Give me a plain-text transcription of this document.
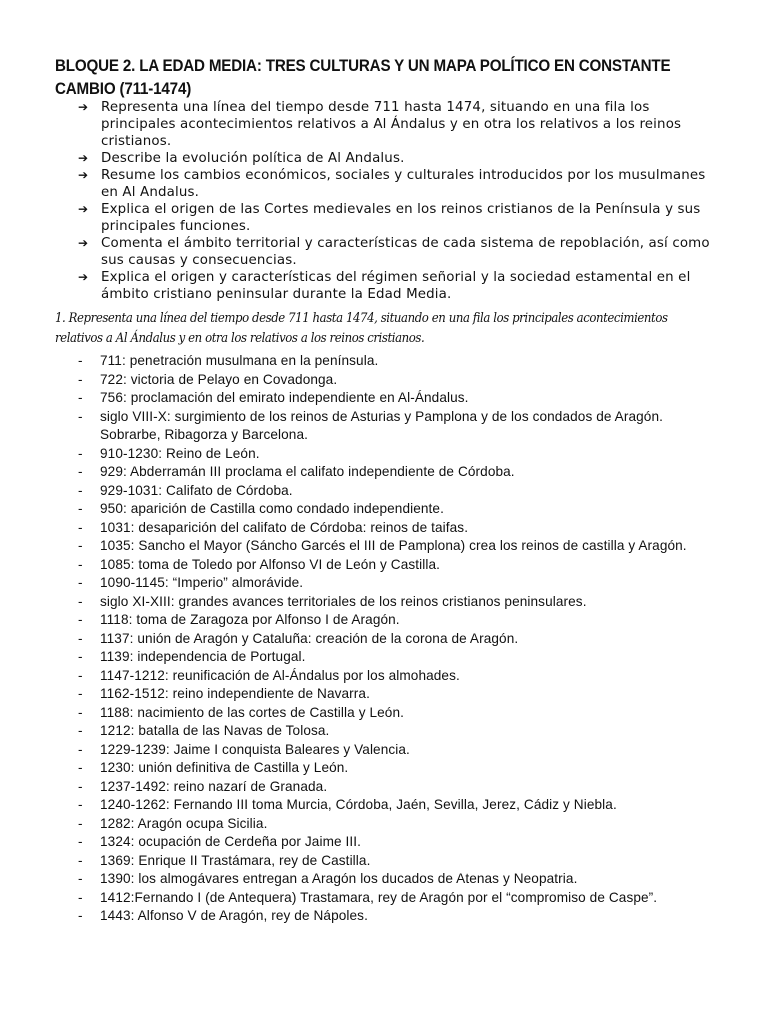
BLOQUE 2. LA EDAD MEDIA: TRES CULTURAS Y UN MAPA POLÍTICO EN CONSTANTE CAMBIO (711-1474)
➔ Representa una línea del tiempo desde 711 hasta 1474, situando en una fila los principales acontecimientos relativos a Al Ándalus y en otra los relativos a los reinos cristianos.
➔ Describe la evolución política de Al Andalus.
➔ Resume los cambios económicos, sociales y culturales introducidos por los musulmanes en Al Andalus.
➔ Explica el origen de las Cortes medievales en los reinos cristianos de la Península y sus principales funciones.
➔ Comenta el ámbito territorial y características de cada sistema de repoblación, así como sus causas y consecuencias.
➔ Explica el origen y características del régimen señorial y la sociedad estamental en el ámbito cristiano peninsular durante la Edad Media.

1. Representa una línea del tiempo desde 711 hasta 1474, situando en una fila los principales acontecimientos relativos a Al Ándalus y en otra los relativos a los reinos cristianos.

- 711: penetración musulmana en la península.
- 722: victoria de Pelayo en Covadonga.
- 756: proclamación del emirato independiente en Al-Ándalus.
- siglo VIII-X: surgimiento de los reinos de Asturias y Pamplona y de los condados de Aragón. Sobrarbe, Ribagorza y Barcelona.
- 910-1230: Reino de León.
- 929: Abderramán III proclama el califato independiente de Córdoba.
- 929-1031: Califato de Córdoba.
- 950: aparición de Castilla como condado independiente.
- 1031: desaparición del califato de Córdoba: reinos de taifas.
- 1035: Sancho el Mayor (Sáncho Garcés el III de Pamplona) crea los reinos de castilla y Aragón.
- 1085: toma de Toledo por Alfonso VI de León y Castilla.
- 1090-1145: “Imperio” almorávide.
- siglo XI-XIII: grandes avances territoriales de los reinos cristianos peninsulares.
- 1118: toma de Zaragoza por Alfonso I de Aragón.
- 1137: unión de Aragón y Cataluña: creación de la corona de Aragón.
- 1139: independencia de Portugal.
- 1147-1212: reunificación de Al-Ándalus por los almohades.
- 1162-1512: reino independiente de Navarra.
- 1188: nacimiento de las cortes de Castilla y León.
- 1212: batalla de las Navas de Tolosa.
- 1229-1239: Jaime I conquista Baleares y Valencia.
- 1230: unión definitiva de Castilla y León.
- 1237-1492: reino nazarí de Granada.
- 1240-1262: Fernando III toma Murcia, Córdoba, Jaén, Sevilla, Jerez, Cádiz y Niebla.
- 1282: Aragón ocupa Sicilia.
- 1324: ocupación de Cerdeña por Jaime III.
- 1369: Enrique II Trastámara, rey de Castilla.
- 1390: los almogávares entregan a Aragón los ducados de Atenas y Neopatria.
- 1412:Fernando I (de Antequera) Trastamara, rey de Aragón por el “compromiso de Caspe”.
- 1443: Alfonso V de Aragón, rey de Nápoles.
